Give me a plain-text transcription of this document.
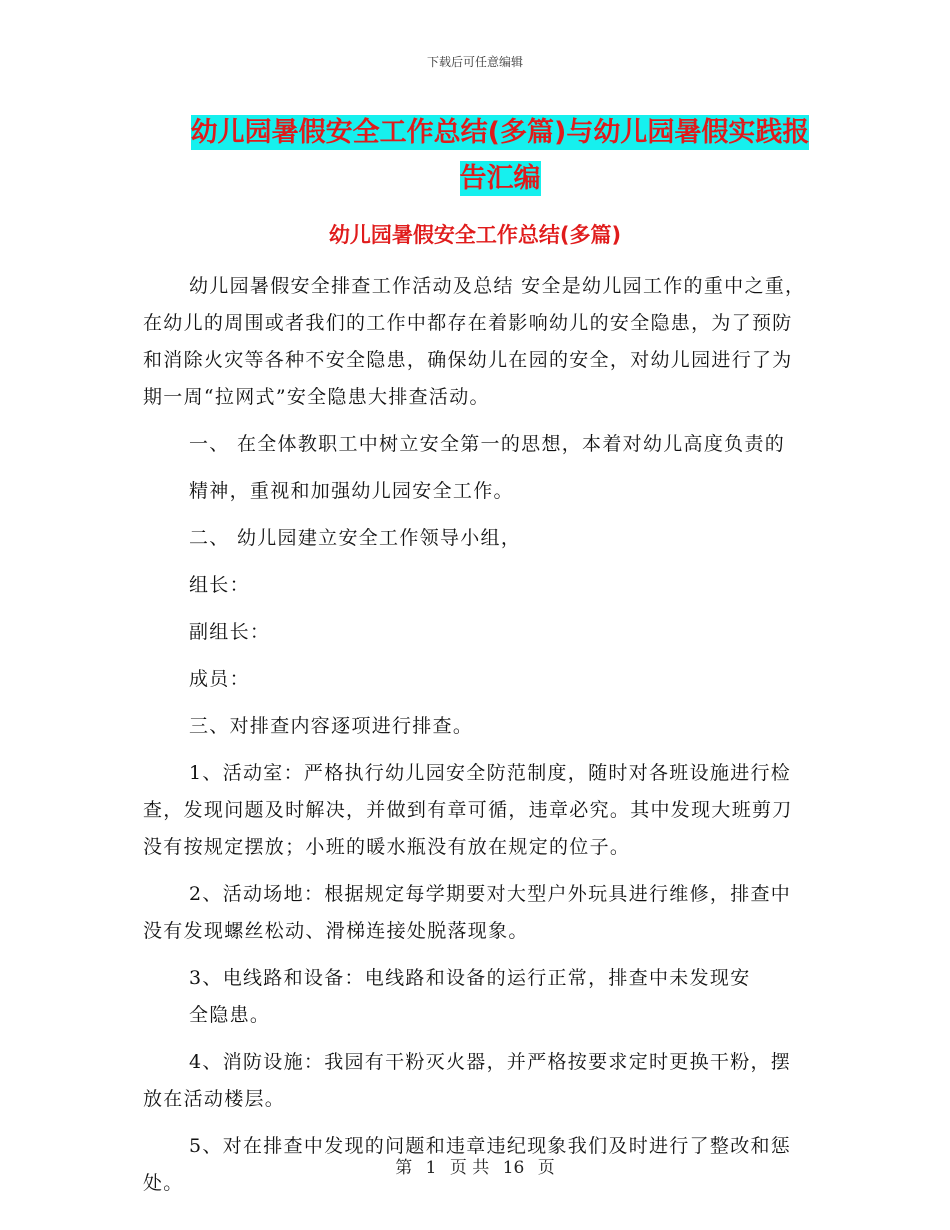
下载后可任意编辑
幼儿园暑假安全工作总结(多篇)与幼儿园暑假实践报
告汇编
幼儿园暑假安全工作总结(多篇)

幼儿园暑假安全排查工作活动及总结 安全是幼儿园工作的重中之重，在幼儿的周围或者我们的工作中都存在着影响幼儿的安全隐患，为了预防和消除火灾等各种不安全隐患，确保幼儿在园的安全，对幼儿园进行了为期一周“拉网式”安全隐患大排查活动。

一、 在全体教职工中树立安全第一的思想，本着对幼儿高度负责的

精神，重视和加强幼儿园安全工作。

二、 幼儿园建立安全工作领导小组，

组长：

副组长：

成员：

三、对排查内容逐项进行排查。

1、活动室：严格执行幼儿园安全防范制度，随时对各班设施进行检查，发现问题及时解决，并做到有章可循，违章必究。其中发现大班剪刀没有按规定摆放；小班的暖水瓶没有放在规定的位子。

2、活动场地：根据规定每学期要对大型户外玩具进行维修，排查中没有发现螺丝松动、滑梯连接处脱落现象。

3、电线路和设备：电线路和设备的运行正常，排查中未发现安

全隐患。

4、消防设施：我园有干粉灭火器，并严格按要求定时更换干粉，摆放在活动楼层。

5、对在排查中发现的问题和违章违纪现象我们及时进行了整改和惩处。

第 1 页 共 16 页
